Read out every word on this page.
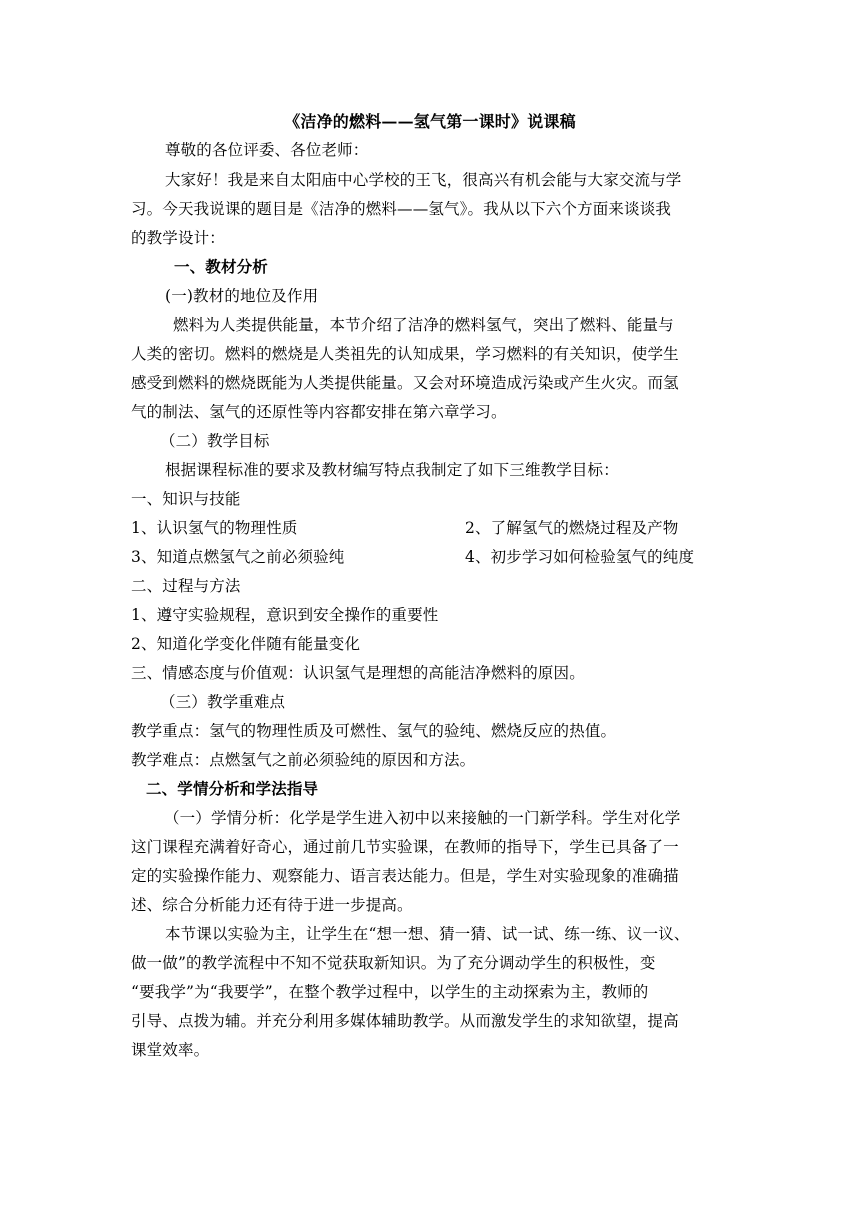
《洁净的燃料——氢气第一课时》说课稿
尊敬的各位评委、各位老师：
大家好！我是来自太阳庙中心学校的王飞，很高兴有机会能与大家交流与学
习。今天我说课的题目是《洁净的燃料——氢气》。我从以下六个方面来谈谈我
的教学设计：
一、教材分析
(一)教材的地位及作用
燃料为人类提供能量，本节介绍了洁净的燃料氢气，突出了燃料、能量与
人类的密切。燃料的燃烧是人类祖先的认知成果，学习燃料的有关知识，使学生
感受到燃料的燃烧既能为人类提供能量。又会对环境造成污染或产生火灾。而氢
气的制法、氢气的还原性等内容都安排在第六章学习。
（二）教学目标
根据课程标准的要求及教材编写特点我制定了如下三维教学目标：
一、知识与技能
1、认识氢气的物理性质	2、了解氢气的燃烧过程及产物
3、知道点燃氢气之前必须验纯	4、初步学习如何检验氢气的纯度
二、过程与方法
1、遵守实验规程，意识到安全操作的重要性
2、知道化学变化伴随有能量变化
三、情感态度与价值观：认识氢气是理想的高能洁净燃料的原因。
（三）教学重难点
教学重点：氢气的物理性质及可燃性、氢气的验纯、燃烧反应的热值。
教学难点：点燃氢气之前必须验纯的原因和方法。
二、学情分析和学法指导
（一）学情分析：化学是学生进入初中以来接触的一门新学科。学生对化学
这门课程充满着好奇心，通过前几节实验课，在教师的指导下，学生已具备了一
定的实验操作能力、观察能力、语言表达能力。但是，学生对实验现象的准确描
述、综合分析能力还有待于进一步提高。
本节课以实验为主，让学生在“想一想、猜一猜、试一试、练一练、议一议、
做一做”的教学流程中不知不觉获取新知识。为了充分调动学生的积极性，变
“要我学”为“我要学”，在整个教学过程中，以学生的主动探索为主，教师的
引导、点拨为辅。并充分利用多媒体辅助教学。从而激发学生的求知欲望，提高
课堂效率。
